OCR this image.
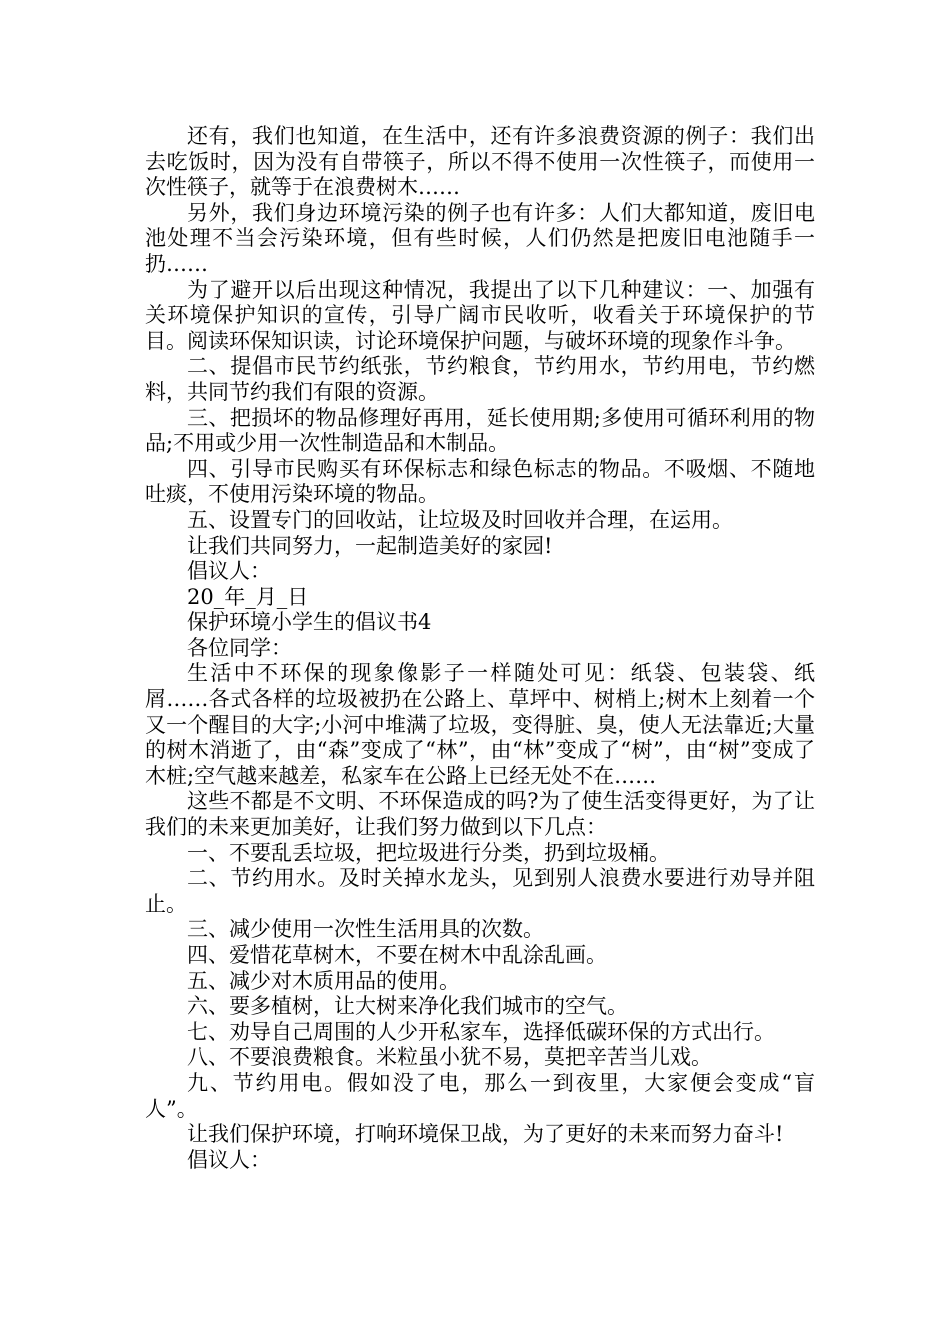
还有，我们也知道，在生活中，还有许多浪费资源的例子：我们出去吃饭时，因为没有自带筷子，所以不得不使用一次性筷子，而使用一次性筷子，就等于在浪费树木……

另外，我们身边环境污染的例子也有许多：人们大都知道，废旧电池处理不当会污染环境，但有些时候，人们仍然是把废旧电池随手一扔……

为了避开以后出现这种情况，我提出了以下几种建议：一、加强有关环境保护知识的宣传，引导广阔市民收听，收看关于环境保护的节目。阅读环保知识读，讨论环境保护问题，与破坏环境的现象作斗争。

二、提倡市民节约纸张，节约粮食，节约用水，节约用电，节约燃料，共同节约我们有限的资源。

三、把损坏的物品修理好再用，延长使用期;多使用可循环利用的物品;不用或少用一次性制造品和木制品。

四、引导市民购买有环保标志和绿色标志的物品。不吸烟、不随地吐痰，不使用污染环境的物品。

五、设置专门的回收站，让垃圾及时回收并合理，在运用。

让我们共同努力，一起制造美好的家园!

倡议人：

20_年_月_日

保护环境小学生的倡议书4

各位同学：

生活中不环保的现象像影子一样随处可见：纸袋、包装袋、纸屑……各式各样的垃圾被扔在公路上、草坪中、树梢上;树木上刻着一个又一个醒目的大字;小河中堆满了垃圾，变得脏、臭，使人无法靠近;大量的树木消逝了，由“森”变成了“林”，由“林”变成了“树”，由“树”变成了木桩;空气越来越差，私家车在公路上已经无处不在……

这些不都是不文明、不环保造成的吗?为了使生活变得更好，为了让我们的未来更加美好，让我们努力做到以下几点：

一、不要乱丢垃圾，把垃圾进行分类，扔到垃圾桶。

二、节约用水。及时关掉水龙头，见到别人浪费水要进行劝导并阻止。

三、减少使用一次性生活用具的次数。

四、爱惜花草树木，不要在树木中乱涂乱画。

五、减少对木质用品的使用。

六、要多植树，让大树来净化我们城市的空气。

七、劝导自己周围的人少开私家车，选择低碳环保的方式出行。

八、不要浪费粮食。米粒虽小犹不易，莫把辛苦当儿戏。

九、节约用电。假如没了电，那么一到夜里，大家便会变成“盲人”。

让我们保护环境，打响环境保卫战，为了更好的未来而努力奋斗!

倡议人：
